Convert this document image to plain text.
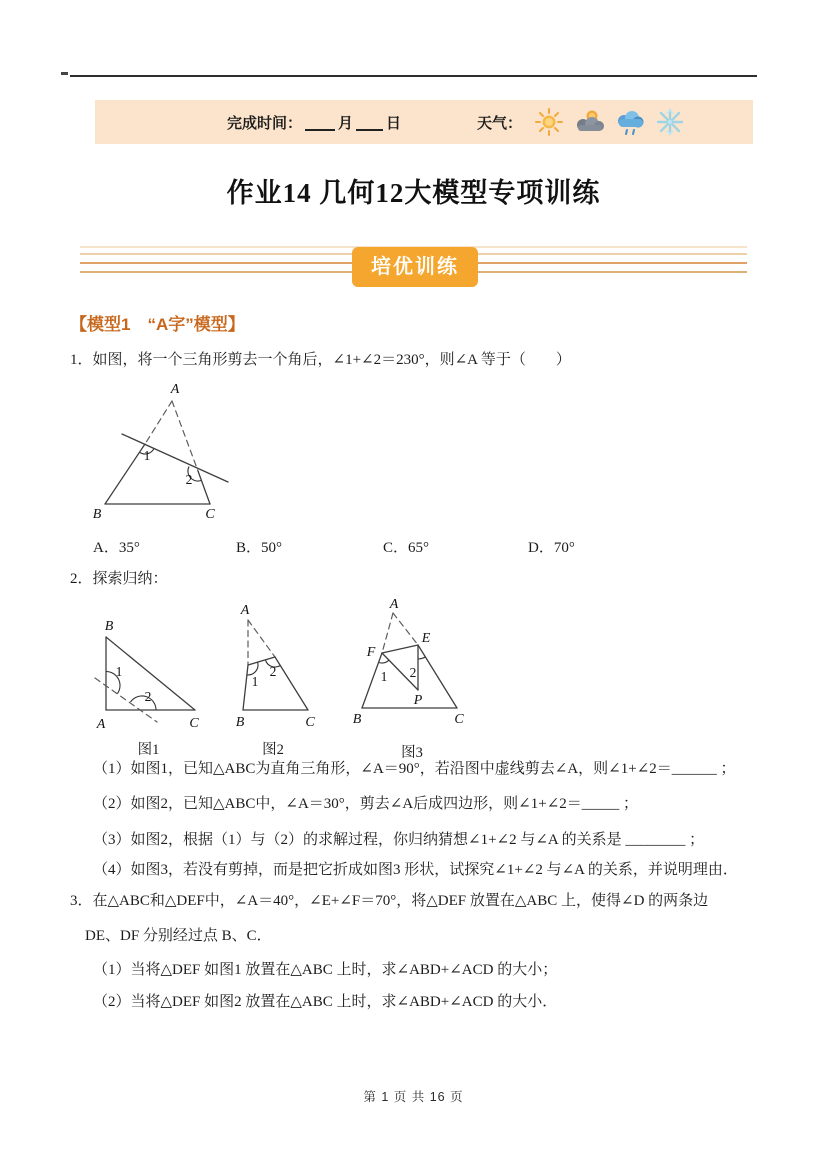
完成时间： 月 日	天气：
作业14 几何12大模型专项训练
培优训练
【模型1　“A字”模型】
1．如图，将一个三角形剪去一个角后，∠1+∠2＝230°，则∠A 等于（　　）
A
B	C
1
2
A．35°	B．50°	C．65°	D．70°
2．探索归纳：
B
A	C
1
2
图1
A
B	C
1
2
图2
A
F
E
P
B	C
1 2
图3
（1）如图1，已知△ABC为直角三角形，∠A＝90°，若沿图中虚线剪去∠A，则∠1+∠2＝______ ；
（2）如图2，已知△ABC中，∠A＝30°，剪去∠A后成四边形，则∠1+∠2＝_____ ；
（3）如图2，根据（1）与（2）的求解过程，你归纳猜想∠1+∠2 与∠A 的关系是 ________ ；
（4）如图3，若没有剪掉，而是把它折成如图3 形状，试探究∠1+∠2 与∠A 的关系，并说明理由．
3．在△ABC和△DEF中，∠A＝40°，∠E+∠F＝70°，将△DEF 放置在△ABC 上，使得∠D 的两条边
DE、DF 分别经过点 B、C．
（1）当将△DEF 如图1 放置在△ABC 上时，求∠ABD+∠ACD 的大小；
（2）当将△DEF 如图2 放置在△ABC 上时，求∠ABD+∠ACD 的大小．
第 1 页 共 16 页
